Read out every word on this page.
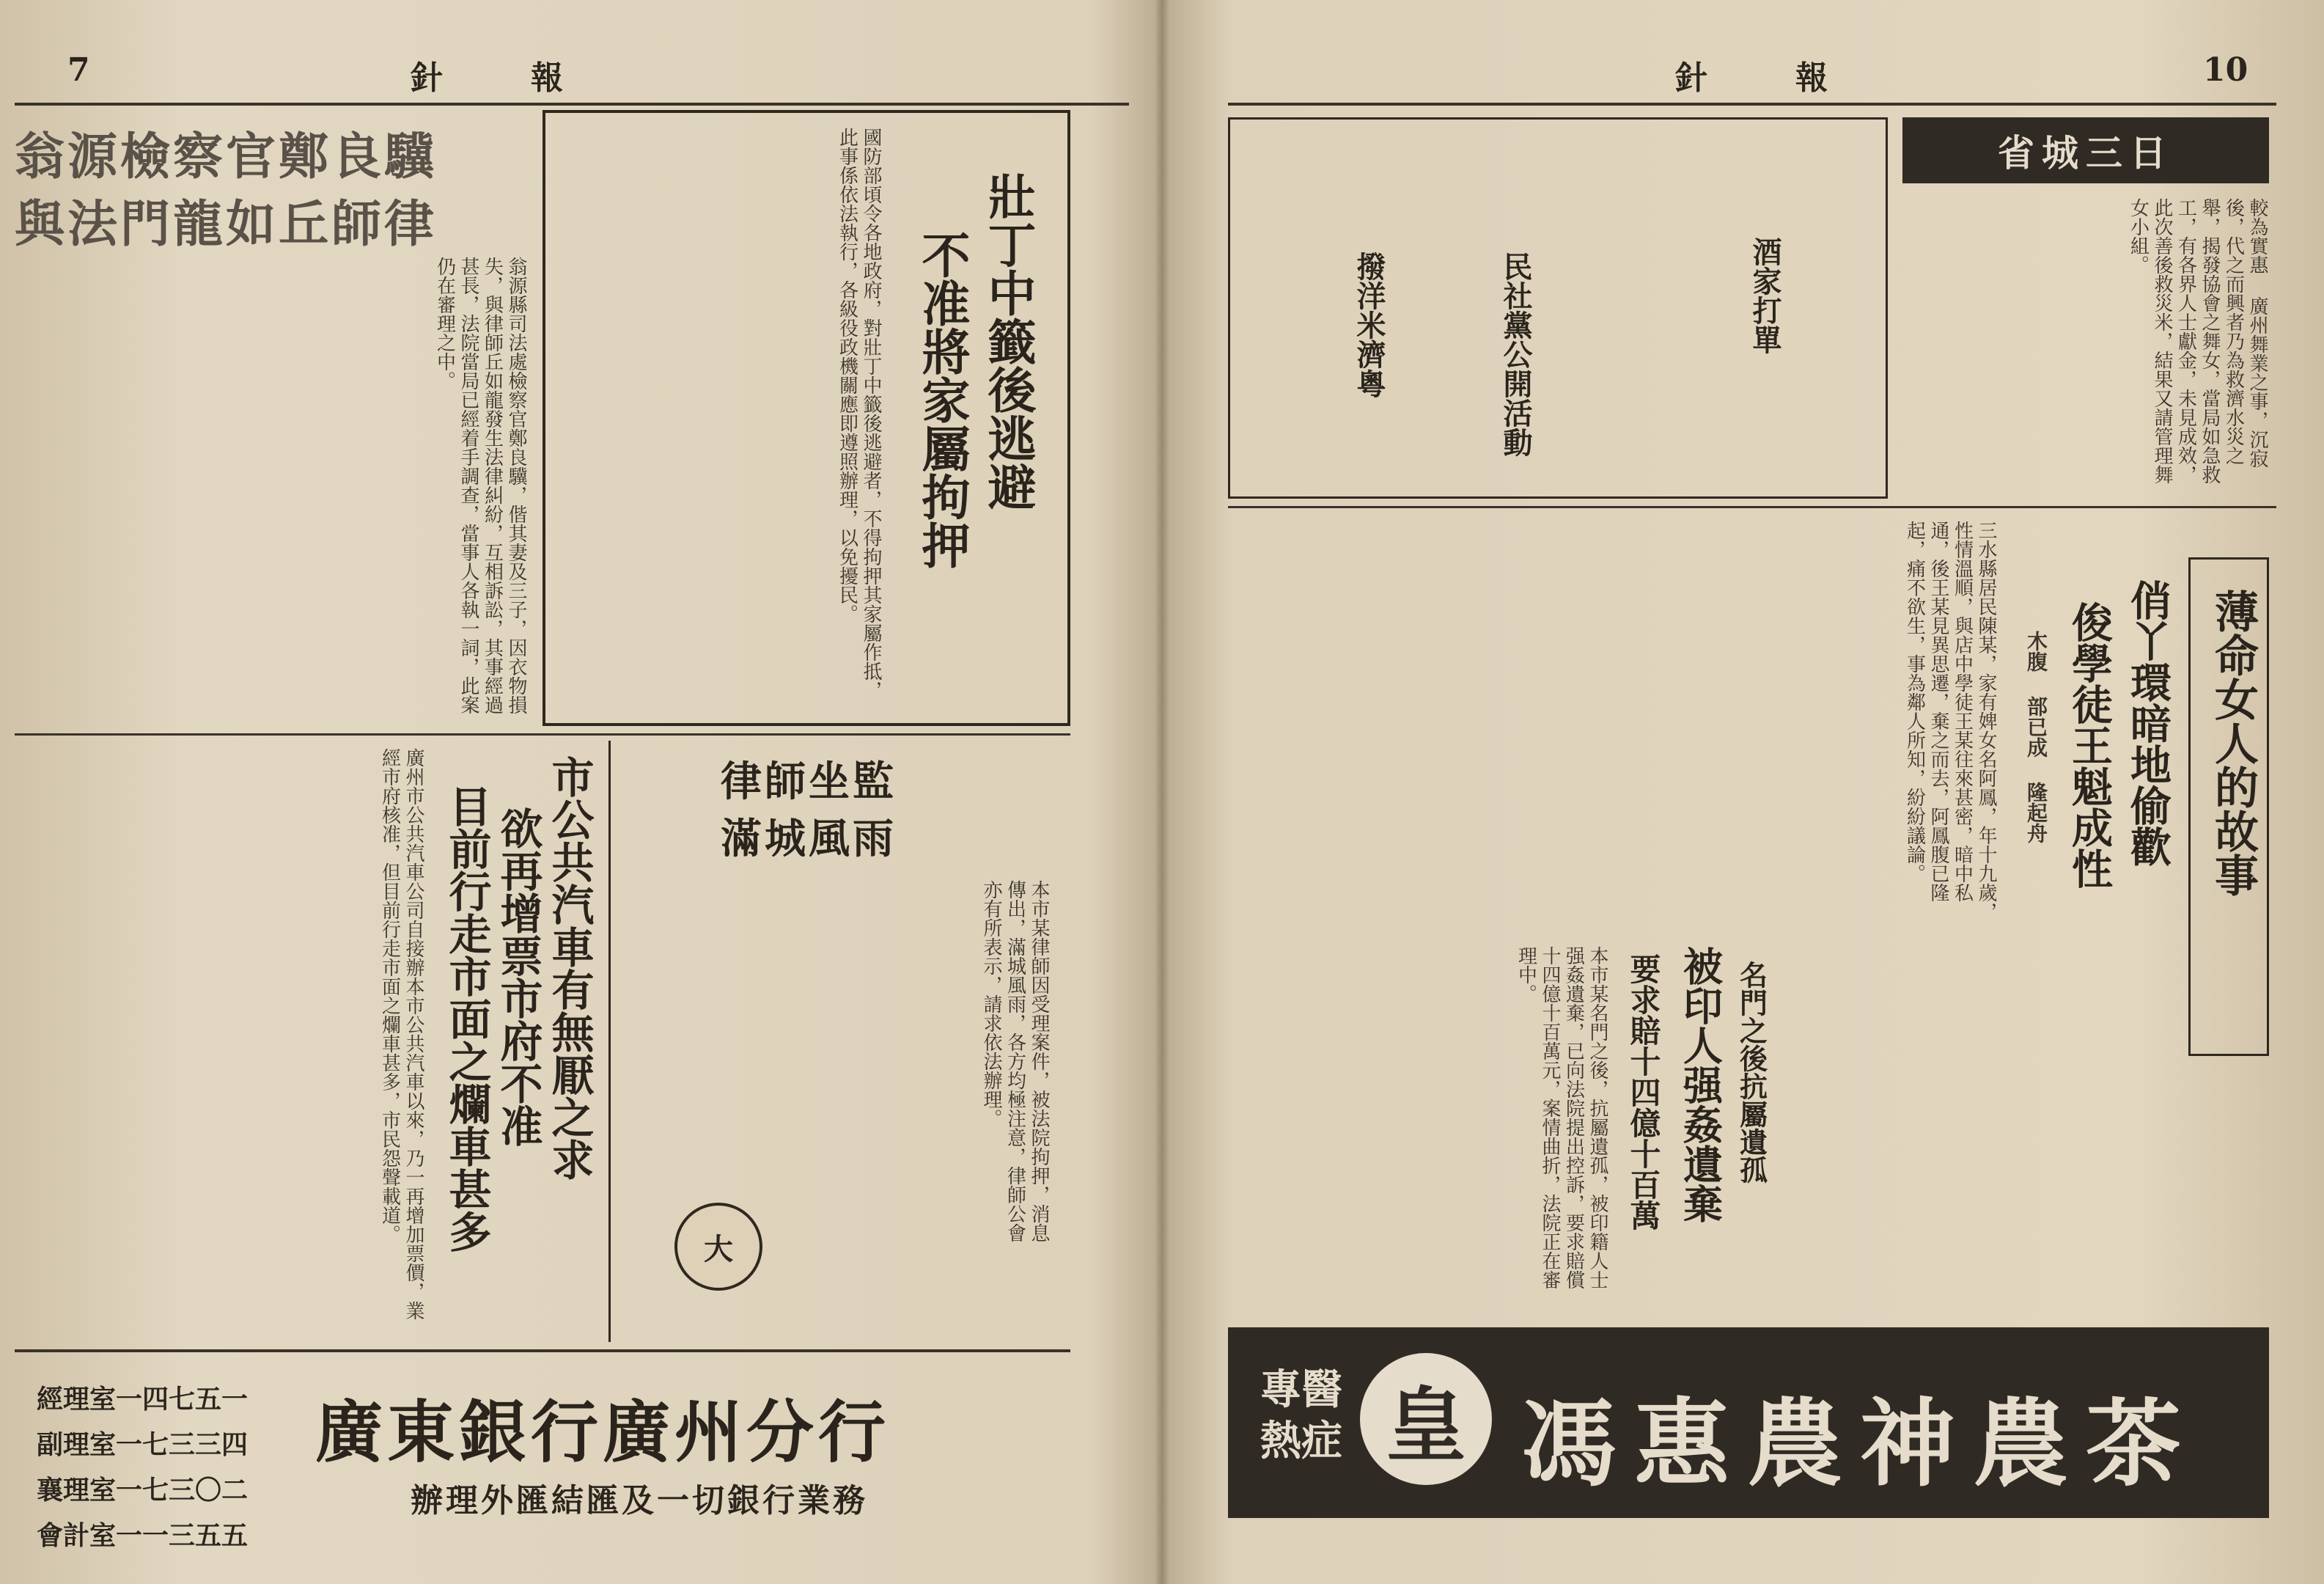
7	針報
翁源檢察官鄭良驥
與法門龍如丘師律
翁源縣司法處檢察官鄭良驥，偕其妻及三子，因衣物損失，與律師丘如龍發生法律糾紛，互相訴訟，其事經過甚長，法院當局已經着手調查，當事人各執一詞，此案仍在審理之中。	壯丁中籤後逃避
不准將家屬拘押
國防部頃令各地政府，對壯丁中籤後逃避者，不得拘押其家屬作抵，此事係依法執行，各級役政機關應即遵照辦理，以免擾民。
市公共汽車有無厭之求
欲再增票市府不准
目前行走市面之爛車甚多
廣州市公共汽車公司自接辦本市公共汽車以來，乃一再增加票價，業經市府核准，但目前行走市面之爛車甚多，市民怨聲載道。	律師坐監
滿城風雨
本市某律師因受理案件，被法院拘押，消息傳出，滿城風雨，各方均極注意，律師公會亦有所表示，請求依法辦理。
大
廣東銀行廣州分行
辦理外匯結匯及一切銀行業務
經理室一四七五一
副理室一七三三四
襄理室一七三〇二
會計室一一三五五
針報	10
省城三日
較為實惠 廣州舞業之事，沉寂後，代之而興者乃為救濟水災之舉，揭發協會之舞女，當局如急救工，有各界人士獻金，未見成效，此次善後救災米，結果又請管理舞女小組。
酒家打單
民社黨公開活動
撥洋米濟粵
薄命女人的故事
俏丫環暗地偷歡
俊學徒王魁成性
木腹 部已成 隆起舟
三水縣居民陳某，家有婢女名阿鳳，年十九歲，性情溫順，與店中學徒王某往來甚密，暗中私通，後王某見異思遷，棄之而去，阿鳳腹已隆起，痛不欲生，事為鄰人所知，紛紛議論。
被印人强姦遺棄
要求賠十四億十百萬	名門之後抗屬遺孤
本市某名門之後，抗屬遺孤，被印籍人士强姦遺棄，已向法院提出控訴，要求賠償十四億十百萬元，案情曲折，法院正在審理中。
專醫 熱症 皇 馮惠農神農茶
